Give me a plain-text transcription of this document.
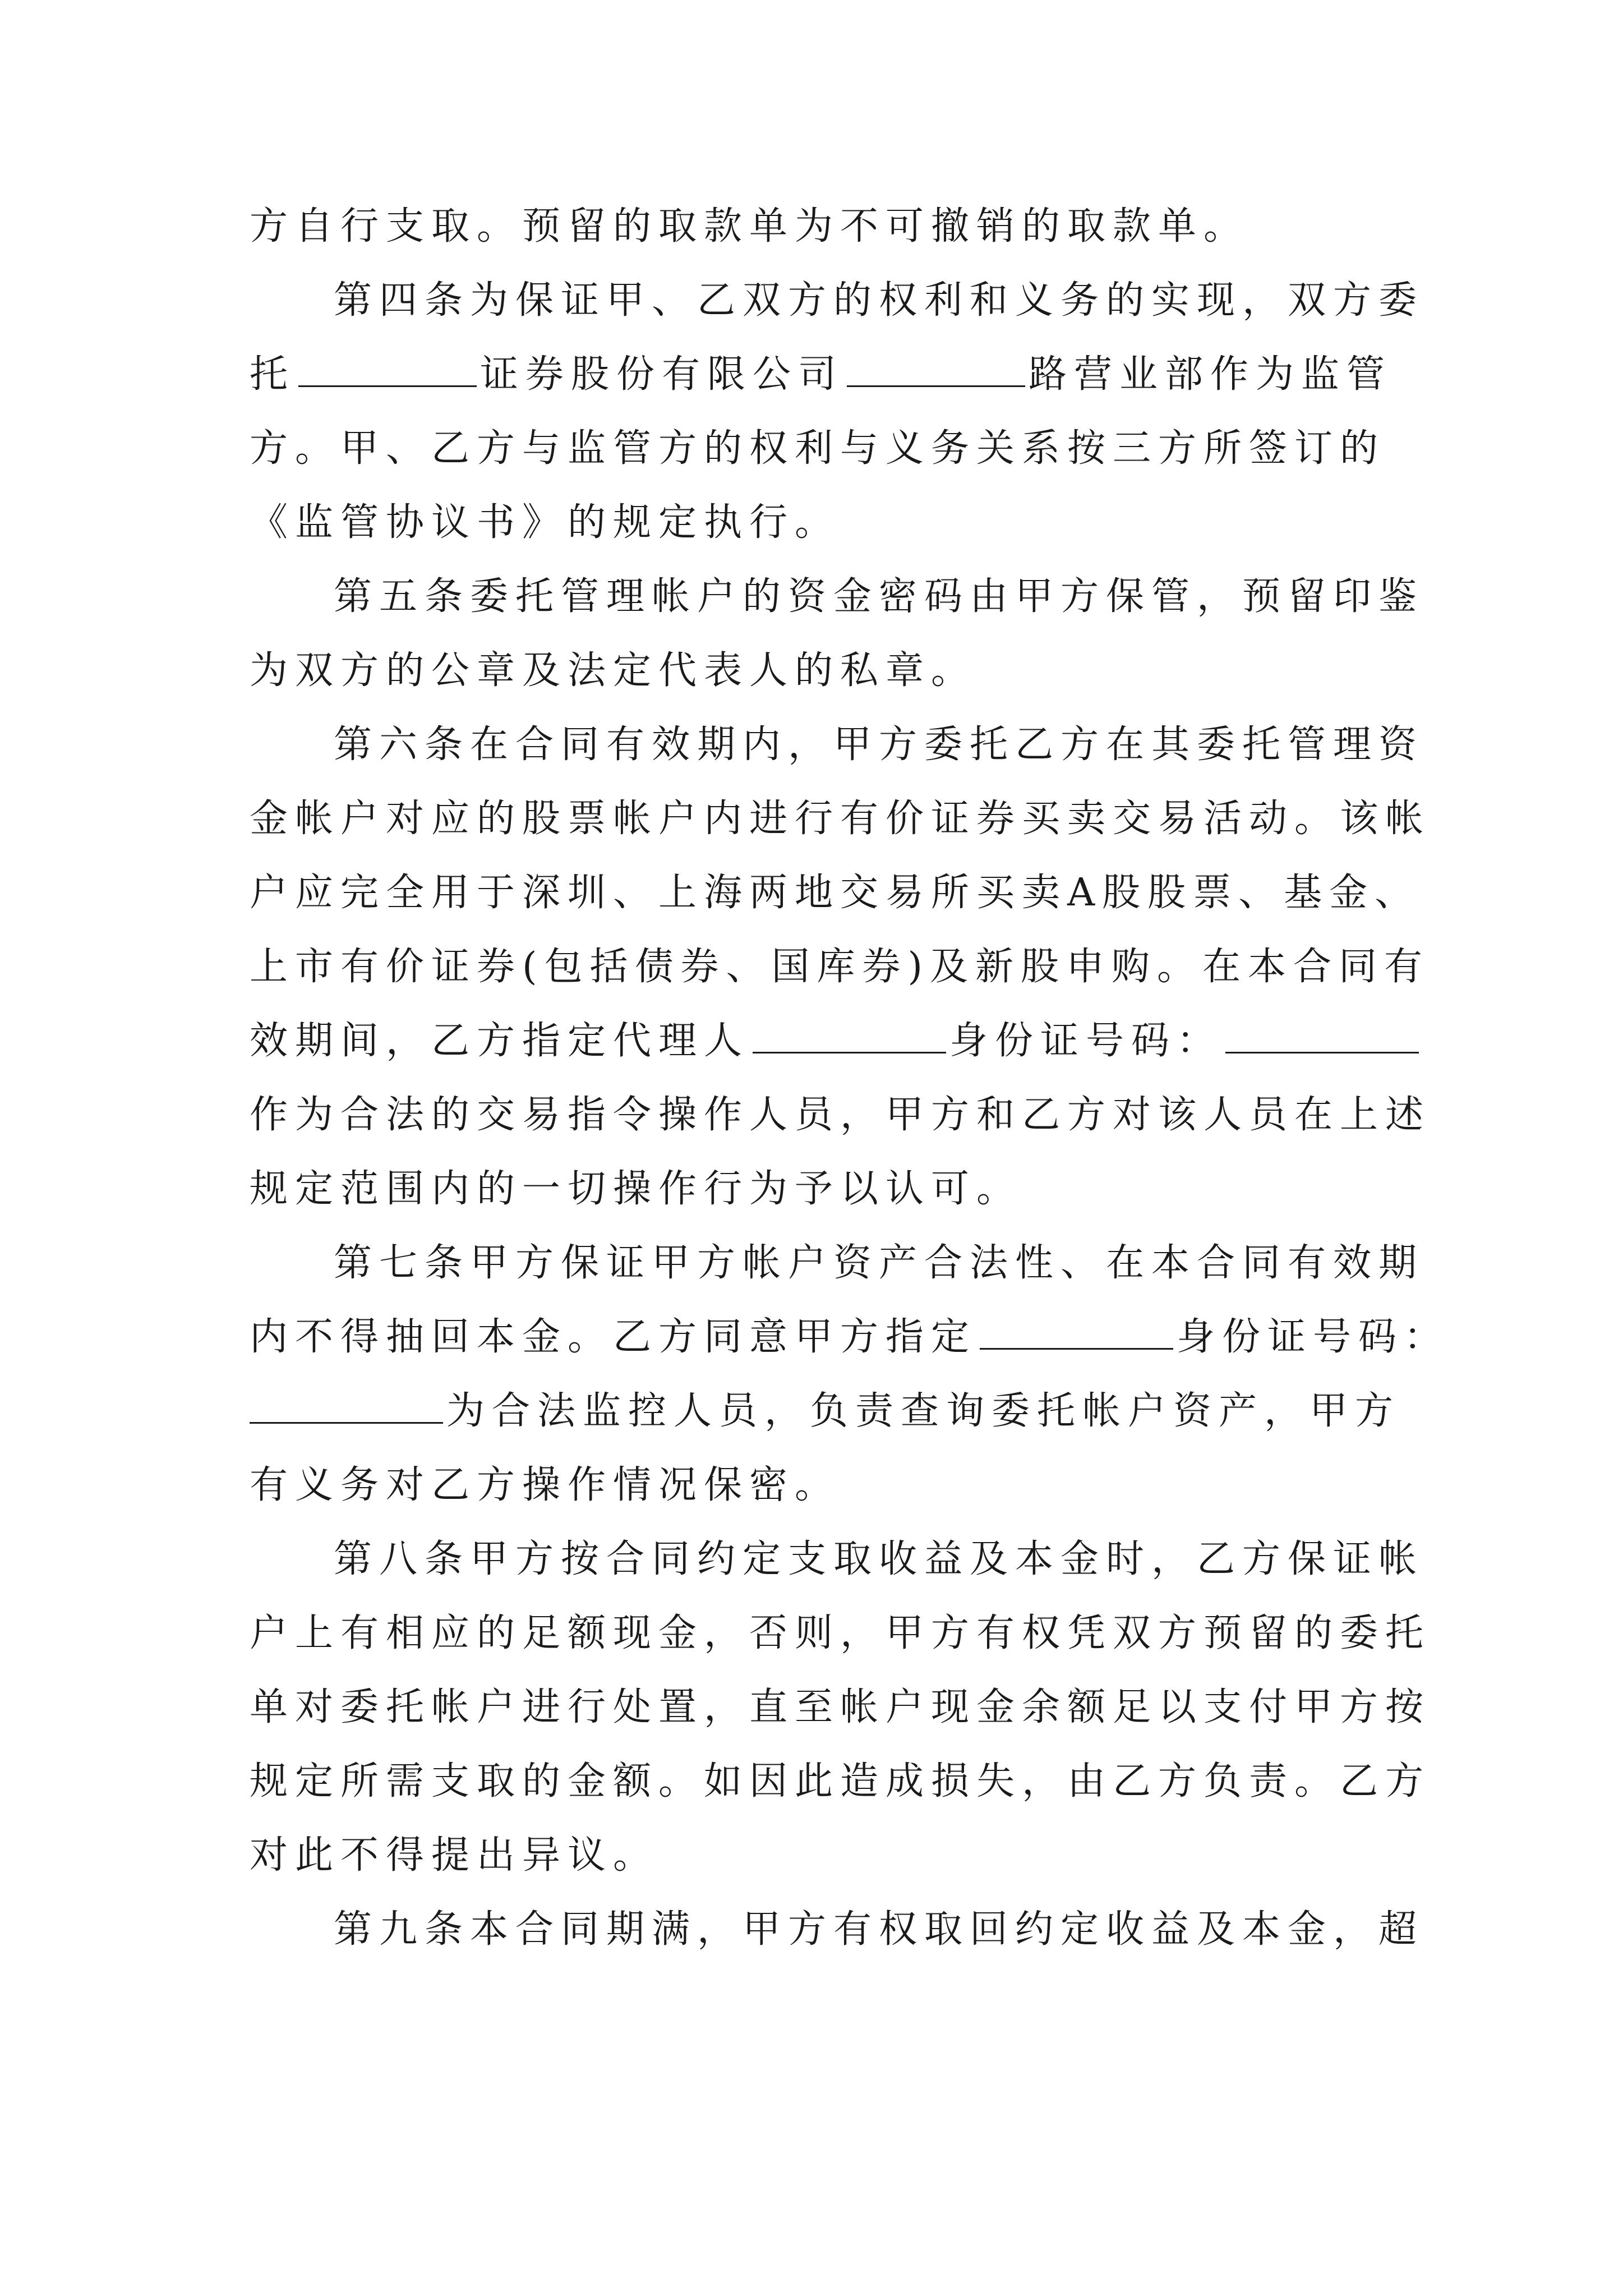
方自行支取。预留的取款单为不可撤销的取款单。
第四条为保证甲、乙双方的权利和义务的实现，双方委
托	证券股份有限公司	路营业部作为监管
方。甲、乙方与监管方的权利与义务关系按三方所签订的
《监管协议书》的规定执行。
第五条委托管理帐户的资金密码由甲方保管，预留印鉴
为双方的公章及法定代表人的私章。
第六条在合同有效期内，甲方委托乙方在其委托管理资
金帐户对应的股票帐户内进行有价证券买卖交易活动。该帐
户应完全用于深圳、上海两地交易所买卖A股股票、基金、
上市有价证券(包括债券、国库券)及新股申购。在本合同有
效期间，乙方指定代理人	身份证号码：
作为合法的交易指令操作人员，甲方和乙方对该人员在上述
规定范围内的一切操作行为予以认可。
第七条甲方保证甲方帐户资产合法性、在本合同有效期
内不得抽回本金。乙方同意甲方指定	身份证号码：
为合法监控人员，负责查询委托帐户资产，甲方
有义务对乙方操作情况保密。
第八条甲方按合同约定支取收益及本金时，乙方保证帐
户上有相应的足额现金，否则，甲方有权凭双方预留的委托
单对委托帐户进行处置，直至帐户现金余额足以支付甲方按
规定所需支取的金额。如因此造成损失，由乙方负责。乙方
对此不得提出异议。
第九条本合同期满，甲方有权取回约定收益及本金，超
